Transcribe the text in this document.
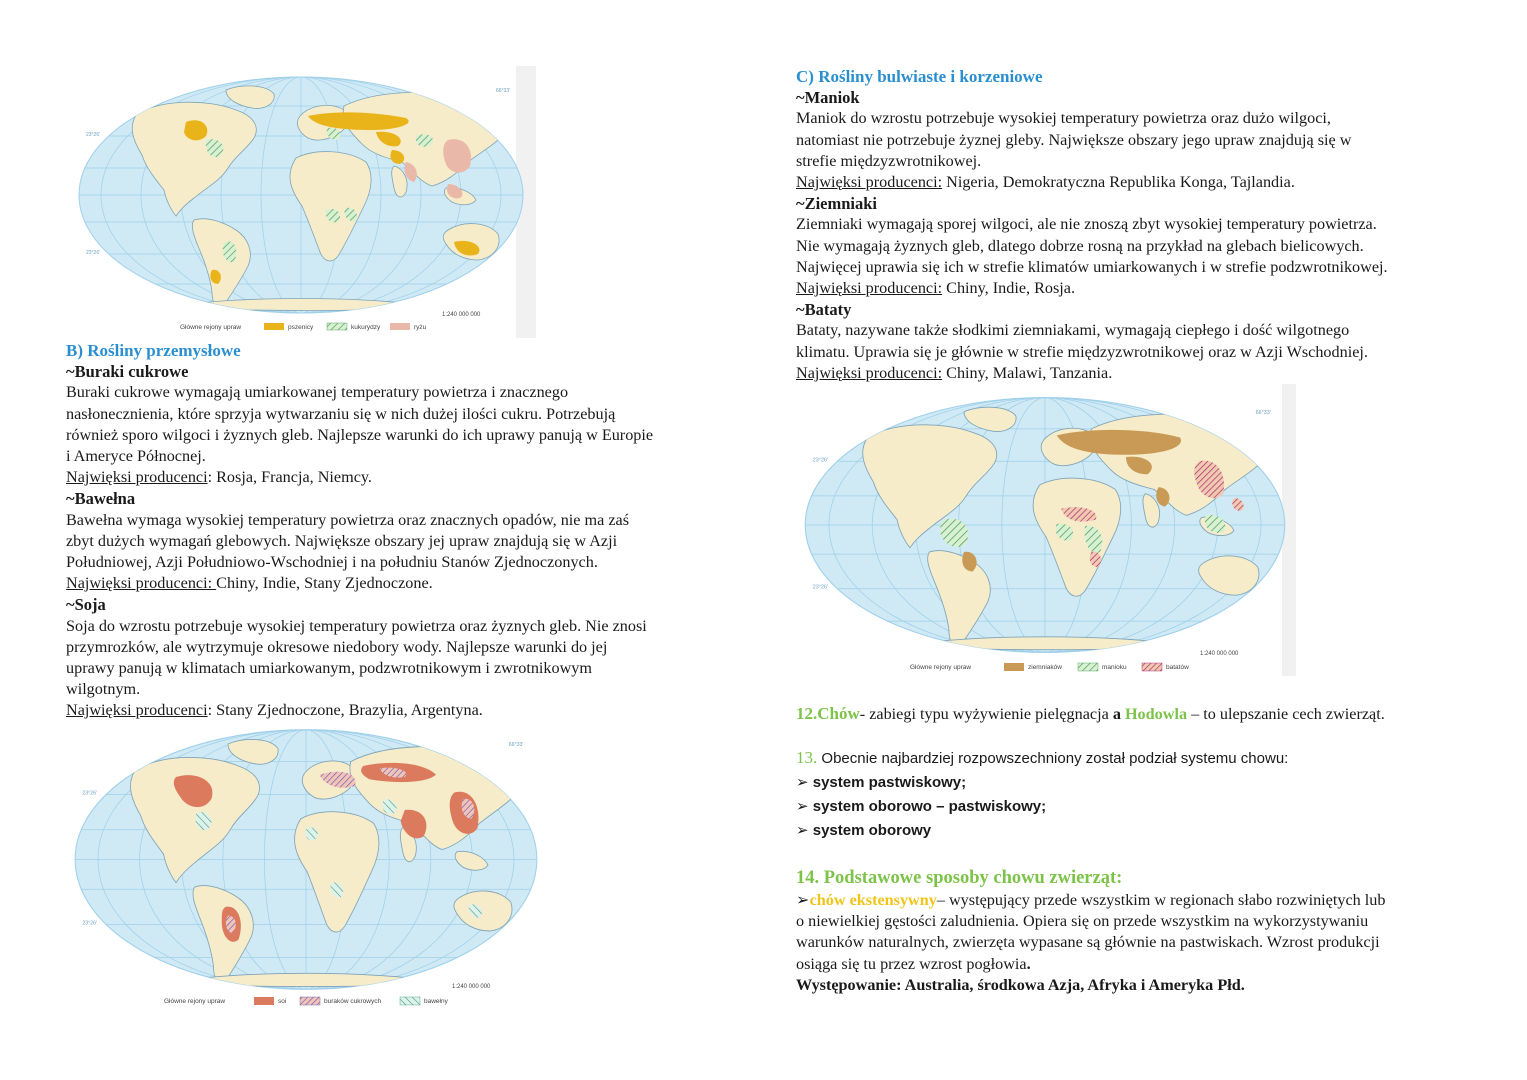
23°26'
23°26'
66°33'
1:240 000 000
Główne rejony upraw	pszenicy	kukurydzy	ryżu
B) Rośliny przemysłowe
~Buraki cukrowe
Buraki cukrowe wymagają umiarkowanej temperatury powietrza i znacznego
nasłonecznienia, które sprzyja wytwarzaniu się w nich dużej ilości cukru. Potrzebują
również sporo wilgoci i żyznych gleb. Najlepsze warunki do ich uprawy panują w Europie
i Ameryce Północnej.
Najwięksi producenci: Rosja, Francja, Niemcy.
~Bawełna
Bawełna wymaga wysokiej temperatury powietrza oraz znacznych opadów, nie ma zaś
zbyt dużych wymagań glebowych. Największe obszary jej upraw znajdują się w Azji
Południowej, Azji Południowo-Wschodniej i na południu Stanów Zjednoczonych.
Najwięksi producenci: Chiny, Indie, Stany Zjednoczone.
~Soja
Soja do wzrostu potrzebuje wysokiej temperatury powietrza oraz żyznych gleb. Nie znosi
przymrozków, ale wytrzymuje okresowe niedobory wody. Najlepsze warunki do jej
uprawy panują w klimatach umiarkowanym, podzwrotnikowym i zwrotnikowym
wilgotnym.
Najwięksi producenci: Stany Zjednoczone, Brazylia, Argentyna.
23°26'
23°26'
66°33'
1:240 000 000
Główne rejony upraw	soi	buraków cukrowych	bawełny
C) Rośliny bulwiaste i korzeniowe
~Maniok
Maniok do wzrostu potrzebuje wysokiej temperatury powietrza oraz dużo wilgoci,
natomiast nie potrzebuje żyznej gleby. Największe obszary jego upraw znajdują się w
strefie międzyzwrotnikowej.
Najwięksi producenci: Nigeria, Demokratyczna Republika Konga, Tajlandia.
~Ziemniaki
Ziemniaki wymagają sporej wilgoci, ale nie znoszą zbyt wysokiej temperatury powietrza.
Nie wymagają żyznych gleb, dlatego dobrze rosną na przykład na glebach bielicowych.
Najwięcej uprawia się ich w strefie klimatów umiarkowanych i w strefie podzwrotnikowej.
Najwięksi producenci: Chiny, Indie, Rosja.
~Bataty
Bataty, nazywane także słodkimi ziemniakami, wymagają ciepłego i dość wilgotnego
klimatu. Uprawia się je głównie w strefie międzyzwrotnikowej oraz w Azji Wschodniej.
Najwięksi producenci: Chiny, Malawi, Tanzania.
23°26'
23°26'
66°33'
1:240 000 000
Główne rejony upraw	ziemniaków	manioku	batatów
12.Chów- zabiegi typu wyżywienie pielęgnacja a Hodowla – to ulepszanie cech zwierząt.
13. Obecnie najbardziej rozpowszechniony został podział systemu chowu:
➢ system pastwiskowy;
➢ system oborowo – pastwiskowy;
➢ system oborowy
14. Podstawowe sposoby chowu zwierząt:
➢chów ekstensywny– występujący przede wszystkim w regionach słabo rozwiniętych lub
o niewielkiej gęstości zaludnienia. Opiera się on przede wszystkim na wykorzystywaniu
warunków naturalnych, zwierzęta wypasane są głównie na pastwiskach. Wzrost produkcji
osiąga się tu przez wzrost pogłowia.
Występowanie: Australia, środkowa Azja, Afryka i Ameryka Płd.
